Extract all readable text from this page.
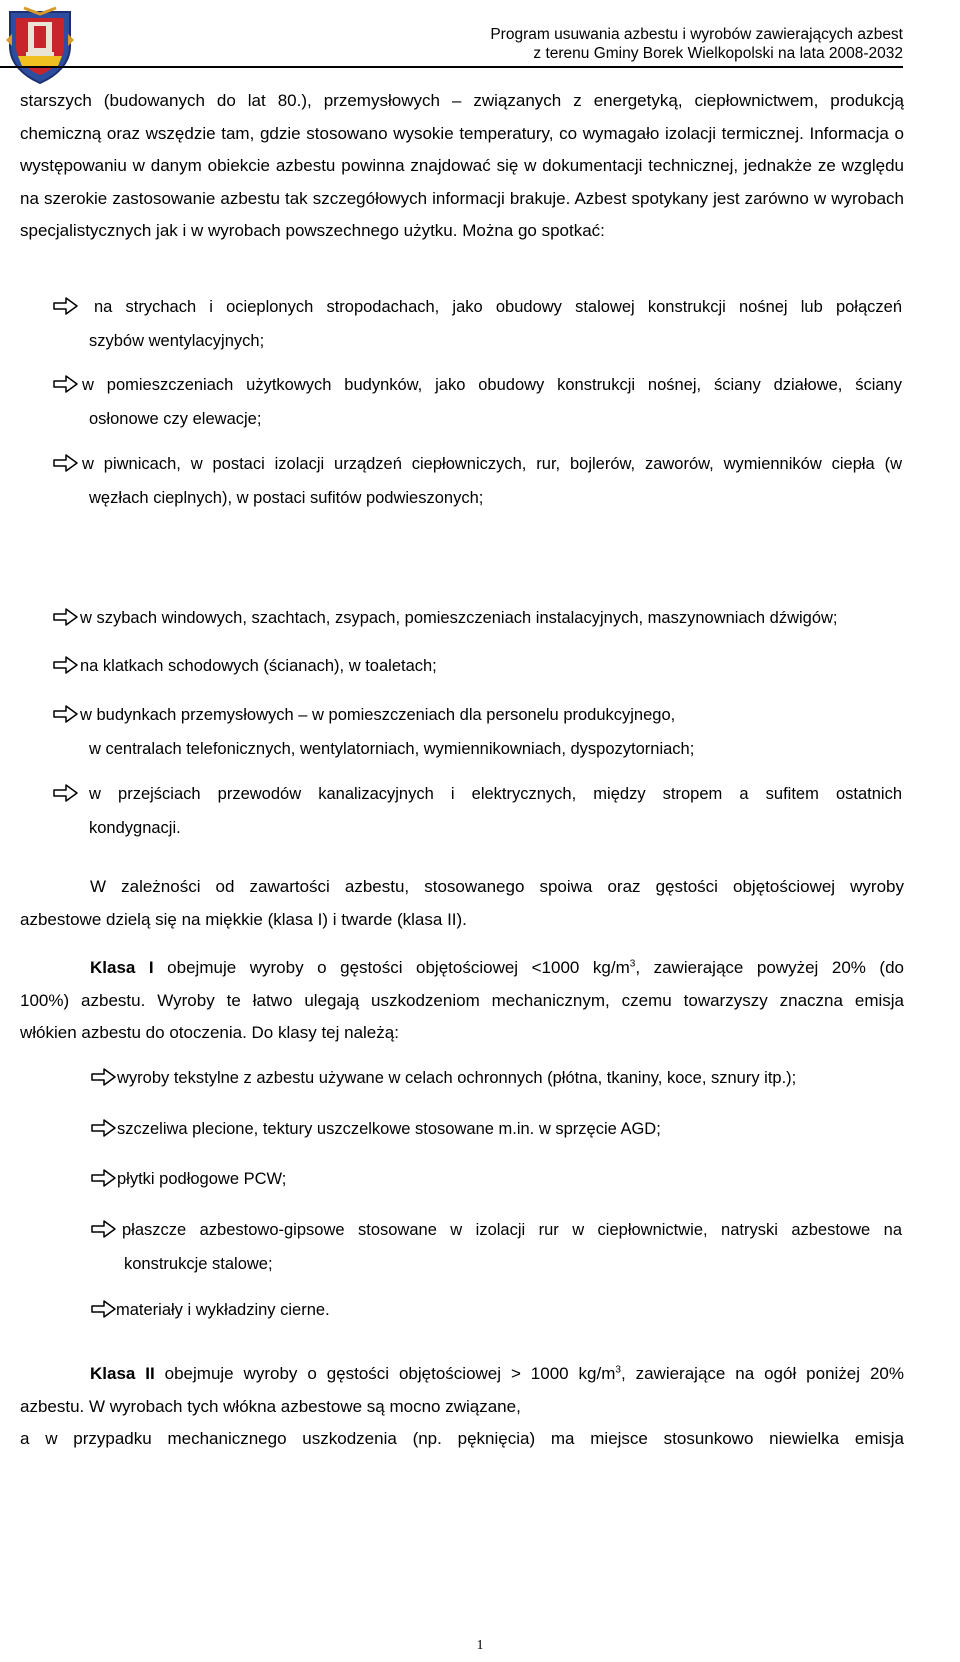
Program usuwania azbestu i wyrobów zawierających azbest
z terenu Gminy Borek Wielkopolski na lata 2008-2032
starszych (budowanych do lat 80.), przemysłowych – związanych z energetyką, ciepłownictwem, produkcją chemiczną oraz wszędzie tam, gdzie stosowano wysokie temperatury, co wymagało izolacji termicznej. Informacja o występowaniu w danym obiekcie azbestu powinna znajdować się w dokumentacji technicznej, jednakże ze względu na szerokie zastosowanie azbestu tak szczegółowych informacji brakuje. Azbest spotykany jest zarówno w wyrobach specjalistycznych jak i w wyrobach powszechnego użytku. Można go spotkać:
na strychach i ocieplonych stropodachach, jako obudowy stalowej konstrukcji nośnej lub połączeń
szybów wentylacyjnych;
w pomieszczeniach użytkowych budynków, jako obudowy konstrukcji nośnej, ściany działowe, ściany
osłonowe czy elewacje;
w piwnicach, w postaci izolacji urządzeń ciepłowniczych, rur, bojlerów, zaworów, wymienników ciepła (w
węzłach cieplnych), w postaci sufitów podwieszonych;
w szybach windowych, szachtach, zsypach, pomieszczeniach instalacyjnych, maszynowniach dźwigów;
na klatkach schodowych (ścianach), w toaletach;
w budynkach przemysłowych – w pomieszczeniach dla personelu produkcyjnego,
w centralach telefonicznych, wentylatorniach, wymiennikowniach, dyspozytorniach;
w przejściach przewodów kanalizacyjnych i elektrycznych, między stropem a sufitem ostatnich
kondygnacji.
W zależności od zawartości azbestu, stosowanego spoiwa oraz gęstości objętościowej wyroby
azbestowe dzielą się na miękkie (klasa I) i twarde (klasa II).
Klasa I obejmuje wyroby o gęstości objętościowej <1000 $kg/m^3$, zawierające powyżej 20% (do
100%) azbestu. Wyroby te łatwo ulegają uszkodzeniom mechanicznym, czemu towarzyszy znaczna emisja
włókien azbestu do otoczenia. Do klasy tej należą:
wyroby tekstylne z azbestu używane w celach ochronnych (płótna, tkaniny, koce, sznury itp.);
szczeliwa plecione, tektury uszczelkowe stosowane m.in. w sprzęcie AGD;
płytki podłogowe PCW;
płaszcze azbestowo-gipsowe stosowane w izolacji rur w ciepłownictwie, natryski azbestowe na
konstrukcje stalowe;
materiały i wykładziny cierne.
Klasa II obejmuje wyroby o gęstości objętościowej > 1000 $kg/m^3$, zawierające na ogół poniżej 20%
azbestu. W wyrobach tych włókna azbestowe są mocno związane,
a w przypadku mechanicznego uszkodzenia (np. pęknięcia) ma miejsce stosunkowo niewielka emisja
1
